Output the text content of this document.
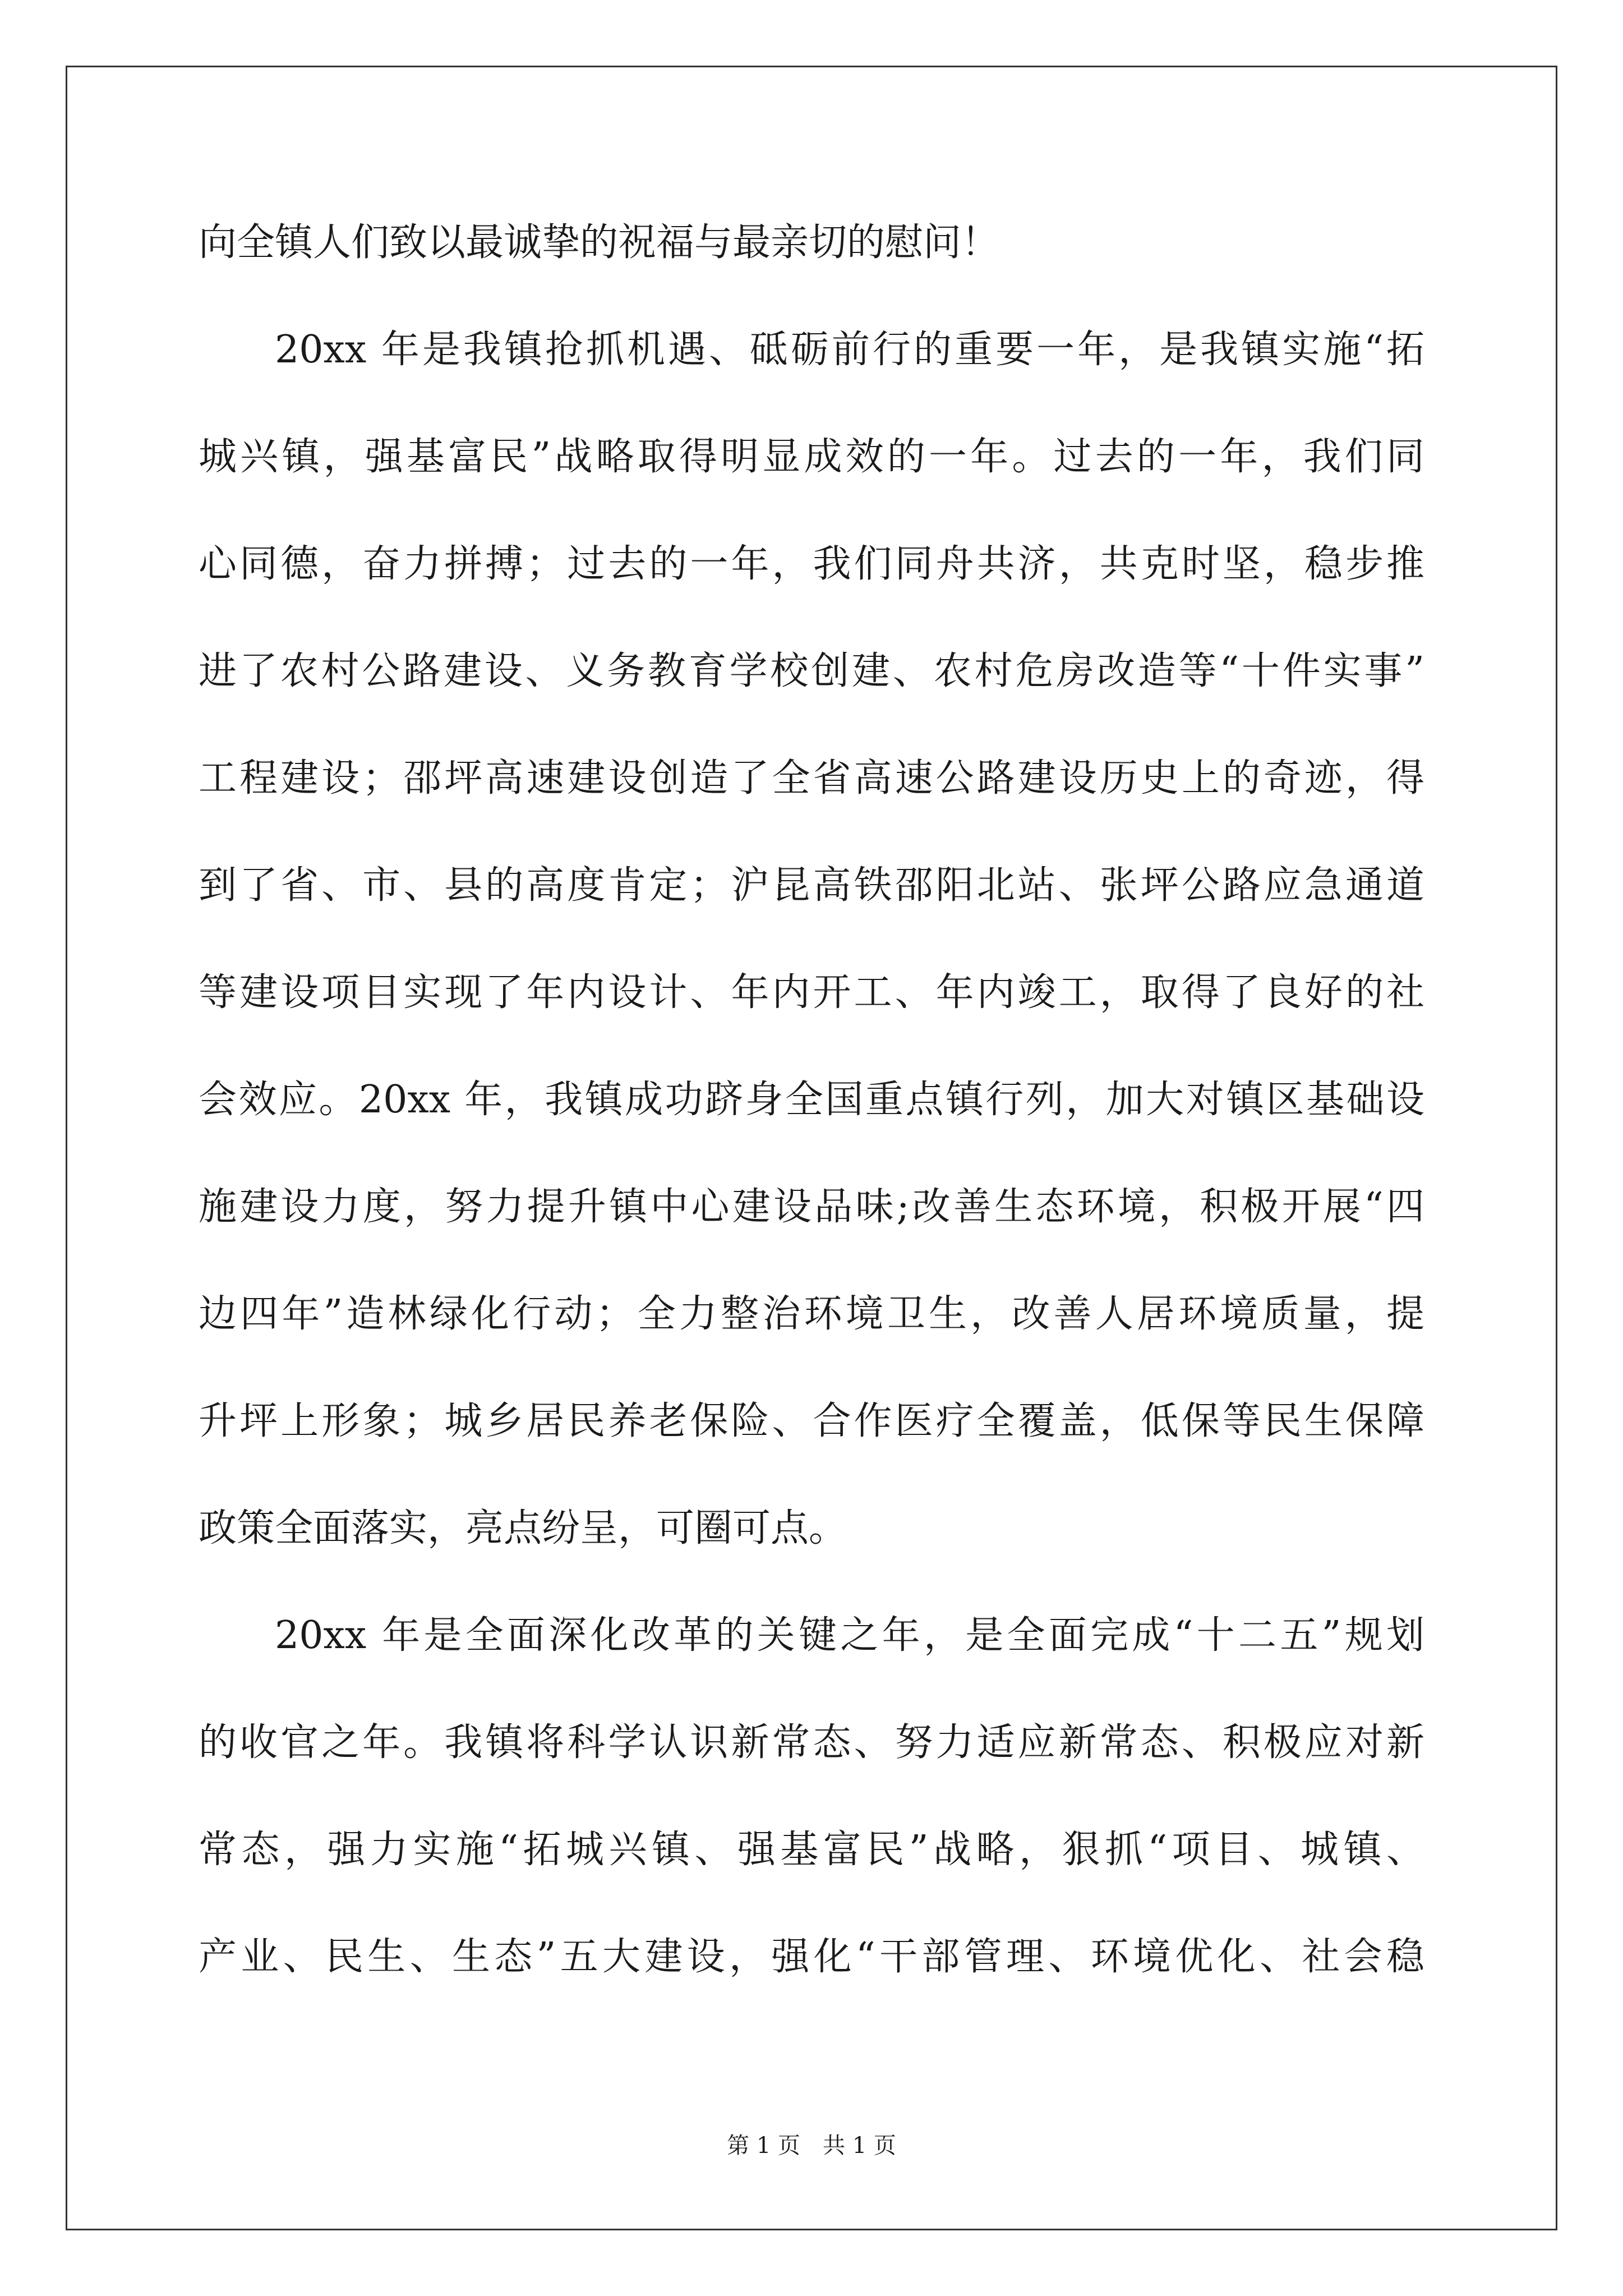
向全镇人们致以最诚挚的祝福与最亲切的慰问！
20xx 年是我镇抢抓机遇、砥砺前行的重要一年，是我镇实施“拓
城兴镇，强基富民”战略取得明显成效的一年。过去的一年，我们同
心同德，奋力拼搏；过去的一年，我们同舟共济，共克时坚，稳步推
进了农村公路建设、义务教育学校创建、农村危房改造等“十件实事”
工程建设；邵坪高速建设创造了全省高速公路建设历史上的奇迹，得
到了省、市、县的高度肯定；沪昆高铁邵阳北站、张坪公路应急通道
等建设项目实现了年内设计、年内开工、年内竣工，取得了良好的社
会效应。20xx 年，我镇成功跻身全国重点镇行列，加大对镇区基础设
施建设力度，努力提升镇中心建设品味;改善生态环境，积极开展“四
边四年”造林绿化行动；全力整治环境卫生，改善人居环境质量，提
升坪上形象；城乡居民养老保险、合作医疗全覆盖，低保等民生保障
政策全面落实，亮点纷呈，可圈可点。
20xx 年是全面深化改革的关键之年，是全面完成“十二五”规划
的收官之年。我镇将科学认识新常态、努力适应新常态、积极应对新
常态，强力实施“拓城兴镇、强基富民”战略，狠抓“项目、城镇、
产业、民生、生态”五大建设，强化“干部管理、环境优化、社会稳
第 1 页　共 1 页
